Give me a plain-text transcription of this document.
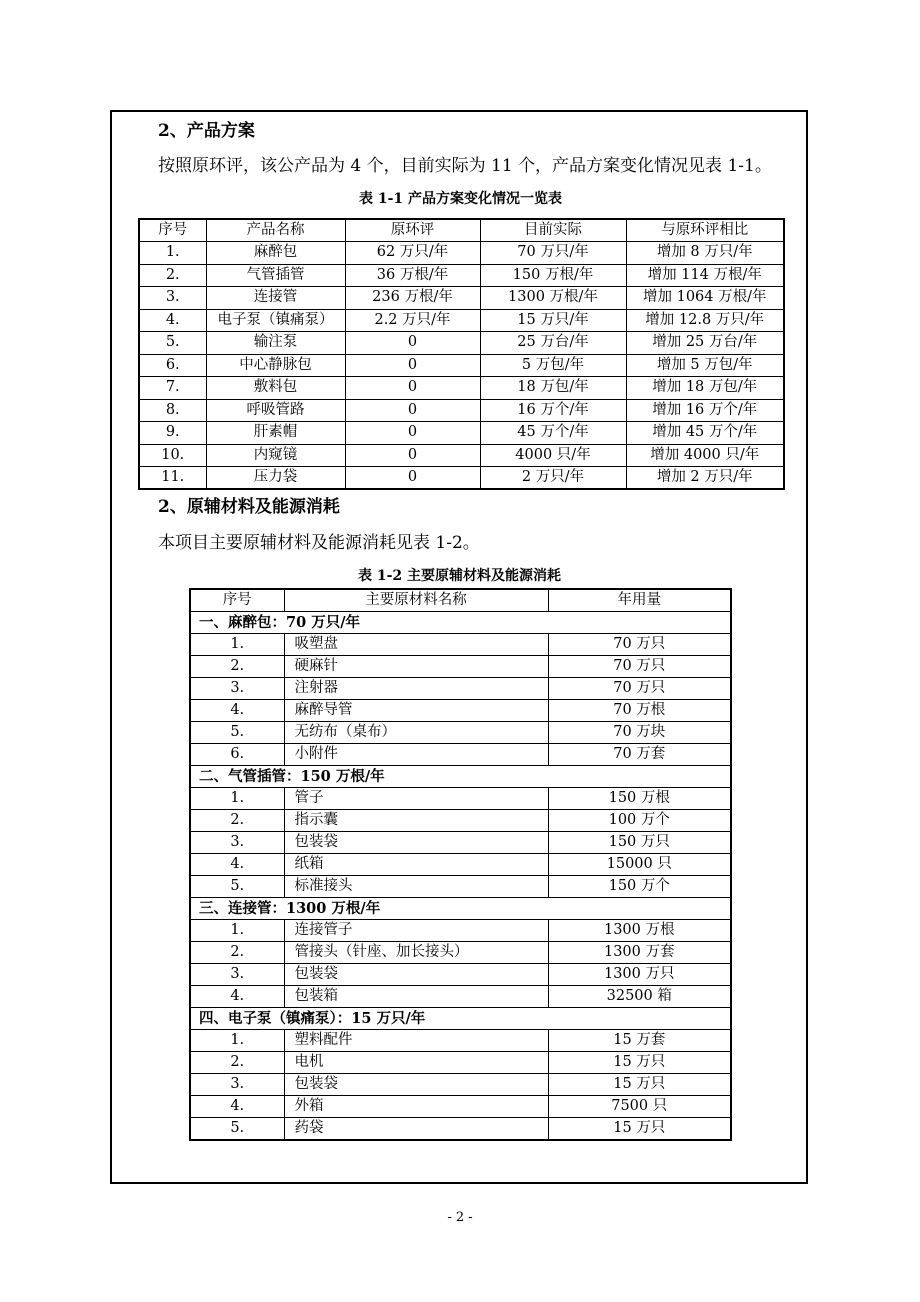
2、产品方案
按照原环评，该公产品为 4 个，目前实际为 11 个，产品方案变化情况见表 1-1。
表 1-1 产品方案变化情况一览表
序号	产品名称	原环评	目前实际	与原环评相比
1.	麻醉包	62 万只/年	70 万只/年	增加 8 万只/年
2.	气管插管	36 万根/年	150 万根/年	增加 114 万根/年
3.	连接管	236 万根/年	1300 万根/年	增加 1064 万根/年
4.	电子泵（镇痛泵）	2.2 万只/年	15 万只/年	增加 12.8 万只/年
5.	输注泵	0	25 万台/年	增加 25 万台/年
6.	中心静脉包	0	5 万包/年	增加 5 万包/年
7.	敷料包	0	18 万包/年	增加 18 万包/年
8.	呼吸管路	0	16 万个/年	增加 16 万个/年
9.	肝素帽	0	45 万个/年	增加 45 万个/年
10.	内窥镜	0	4000 只/年	增加 4000 只/年
11.	压力袋	0	2 万只/年	增加 2 万只/年
2、原辅材料及能源消耗
本项目主要原辅材料及能源消耗见表 1-2。
表 1-2 主要原辅材料及能源消耗
序号	主要原材料名称	年用量
一、麻醉包：70 万只/年		
1.	吸塑盘	70 万只
2.	硬麻针	70 万只
3.	注射器	70 万只
4.	麻醉导管	70 万根
5.	无纺布（桌布）	70 万块
6.	小附件	70 万套
二、气管插管：150 万根/年		
1.	管子	150 万根
2.	指示囊	100 万个
3.	包装袋	150 万只
4.	纸箱	15000 只
5.	标准接头	150 万个
三、连接管：1300 万根/年		
1.	连接管子	1300 万根
2.	管接头（针座、加长接头）	1300 万套
3.	包装袋	1300 万只
4.	包装箱	32500 箱
四、电子泵（镇痛泵）：15 万只/年		
1.	塑料配件	15 万套
2.	电机	15 万只
3.	包装袋	15 万只
4.	外箱	7500 只
5.	药袋	15 万只
- 2 -
